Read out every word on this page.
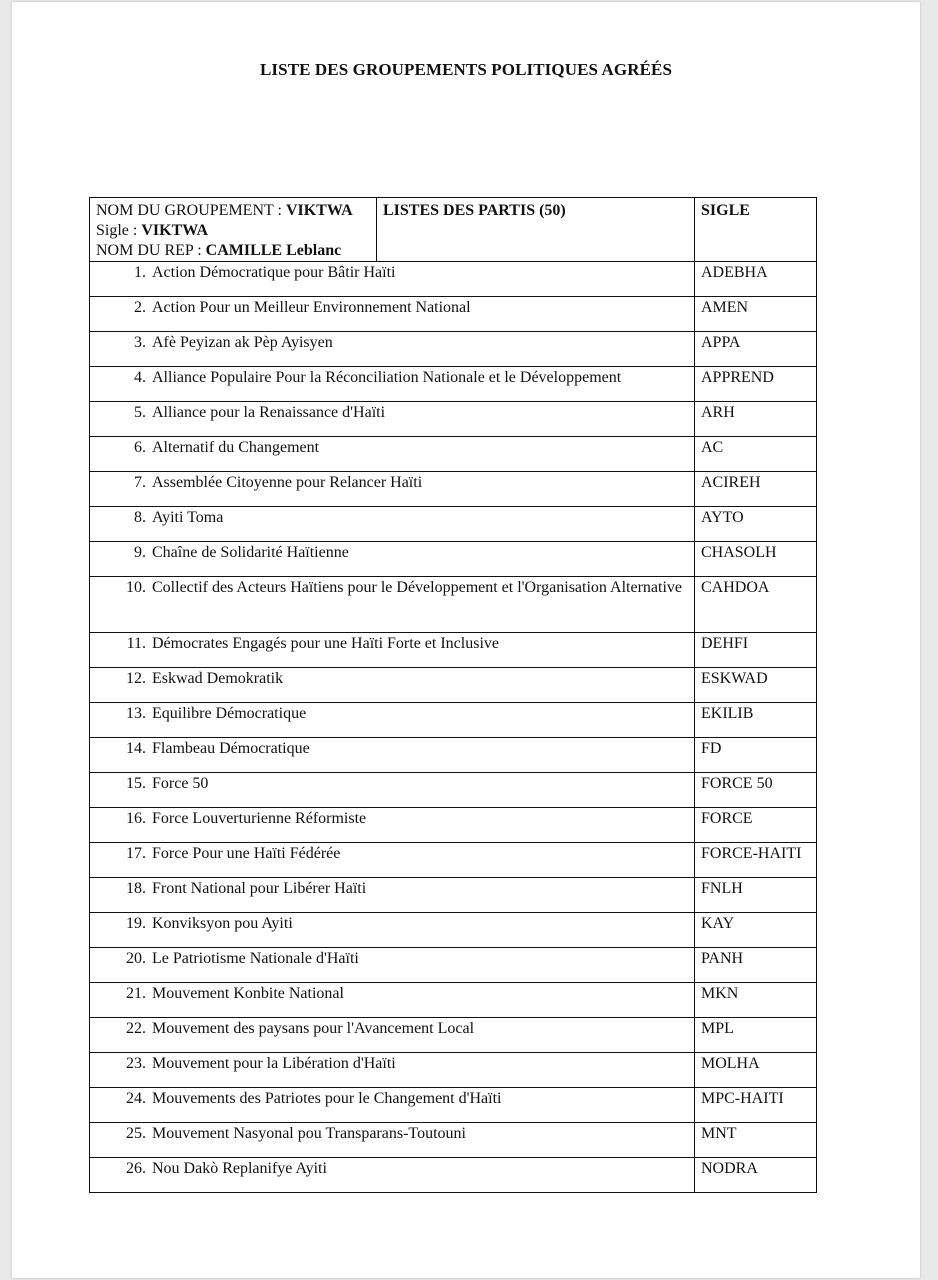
LISTE DES GROUPEMENTS POLITIQUES AGRÉÉS
NOM DU GROUPEMENT : VIKTWA
Sigle : VIKTWA
NOM DU REP : CAMILLE Leblanc	LISTES DES PARTIS (50)	SIGLE

1. Action Démocratique pour Bâtir Haïti		ADEBHA

2. Action Pour un Meilleur Environnement National		AMEN

3. Afè Peyizan ak Pèp Ayisyen		APPA

4. Alliance Populaire Pour la Réconciliation Nationale et le Développement		APPREND

5. Alliance pour la Renaissance d'Haïti		ARH

6. Alternatif du Changement		AC

7. Assemblée Citoyenne pour Relancer Haïti		ACIREH

8. Ayiti Toma		AYTO

9. Chaîne de Solidarité Haïtienne		CHASOLH

10. Collectif des Acteurs Haïtiens pour le Développement et l'Organisation Alternative		CAHDOA

11. Démocrates Engagés pour une Haïti Forte et Inclusive		DEHFI

12. Eskwad Demokratik		ESKWAD

13. Equilibre Démocratique		EKILIB

14. Flambeau Démocratique		FD

15. Force 50		FORCE 50

16. Force Louverturienne Réformiste		FORCE

17. Force Pour une Haïti Fédérée		FORCE-HAITI

18. Front National pour Libérer Haïti		FNLH

19. Konviksyon pou Ayiti		KAY

20. Le Patriotisme Nationale d'Haïti		PANH

21. Mouvement Konbite National		MKN

22. Mouvement des paysans pour l'Avancement Local		MPL

23. Mouvement pour la Libération d'Haïti		MOLHA

24. Mouvements des Patriotes pour le Changement d'Haïti		MPC-HAITI

25. Mouvement Nasyonal pou Transparans-Toutouni		MNT

26. Nou Dakò Replanifye Ayiti		NODRA
